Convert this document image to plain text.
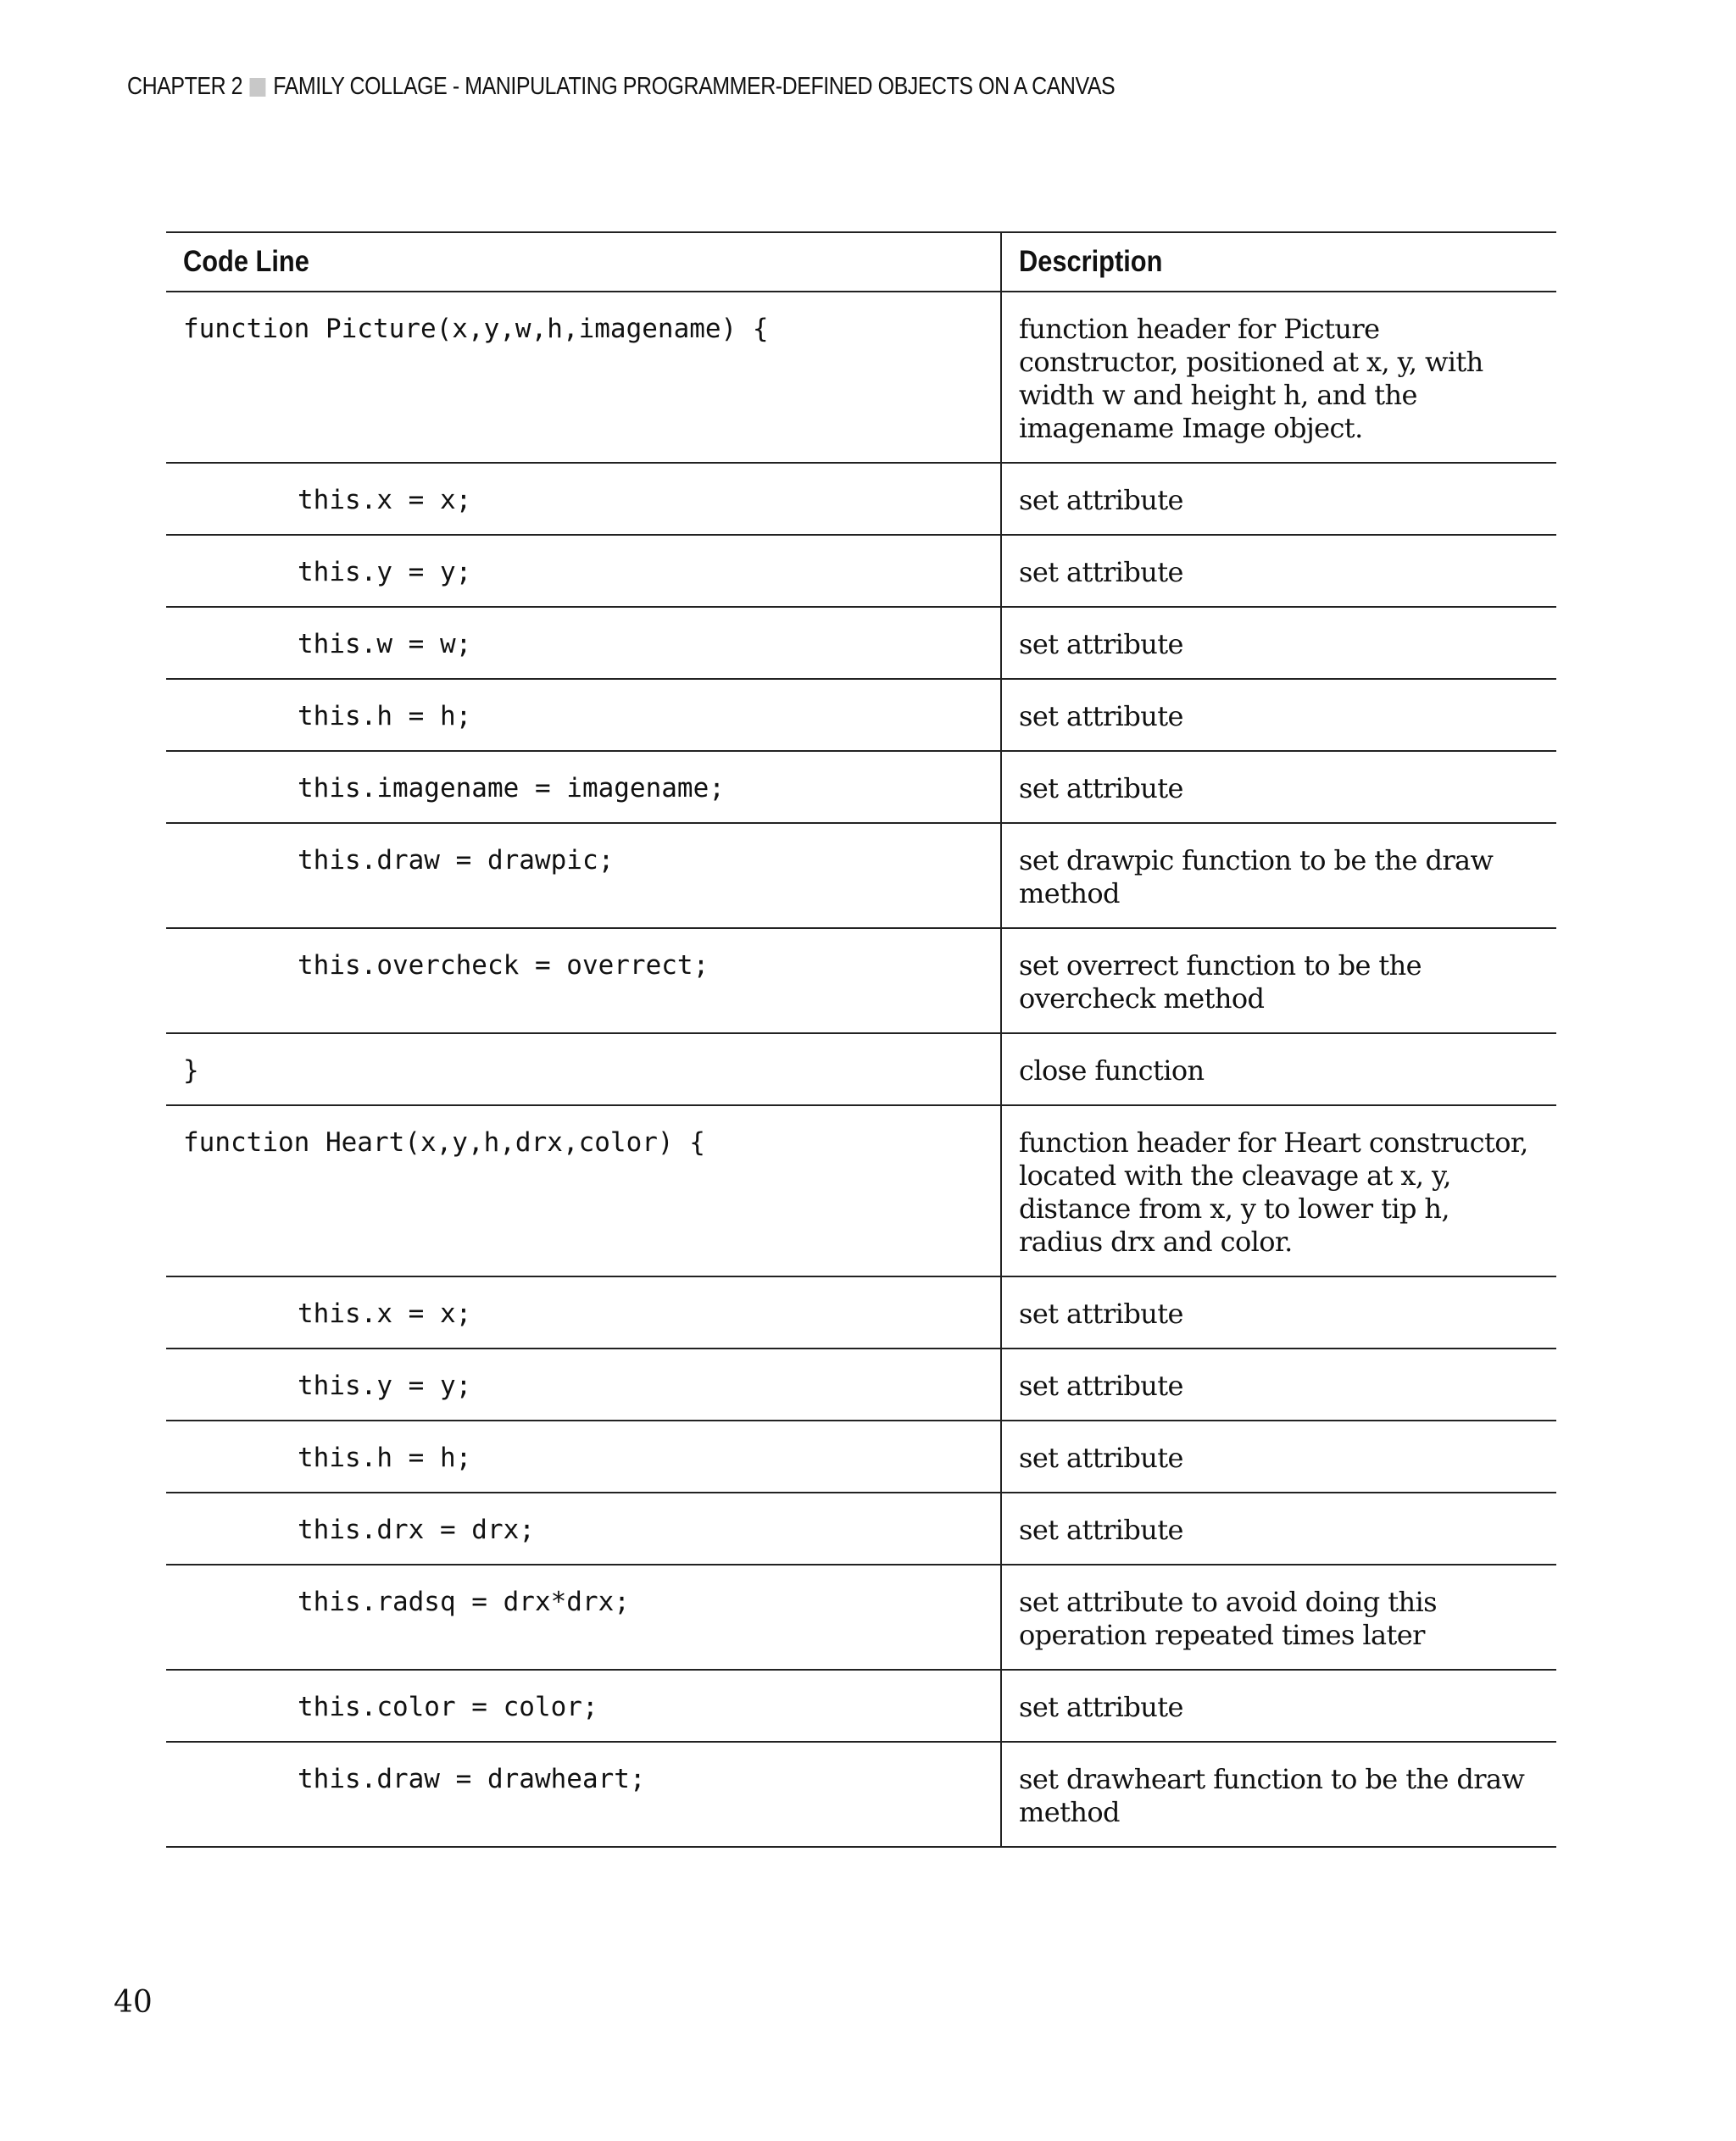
CHAPTER 2 FAMILY COLLAGE - MANIPULATING PROGRAMMER-DEFINED OBJECTS ON A CANVAS
Code Line	Description
function Picture(x,y,w,h,imagename) {	function header for Picture constructor, positioned at x, y, with width w and height h, and the imagename Image object.
this.x = x;	set attribute
this.y = y;	set attribute
this.w = w;	set attribute
this.h = h;	set attribute
this.imagename = imagename;	set attribute
this.draw = drawpic;	set drawpic function to be the draw method
this.overcheck = overrect;	set overrect function to be the overcheck method
}	close function
function Heart(x,y,h,drx,color) {	function header for Heart constructor, located with the cleavage at x, y, distance from x, y to lower tip h, radius drx and color.
this.x = x;	set attribute
this.y = y;	set attribute
this.h = h;	set attribute
this.drx = drx;	set attribute
this.radsq = drx*drx;	set attribute to avoid doing this operation repeated times later
this.color = color;	set attribute
this.draw = drawheart;	set drawheart function to be the draw method
40
